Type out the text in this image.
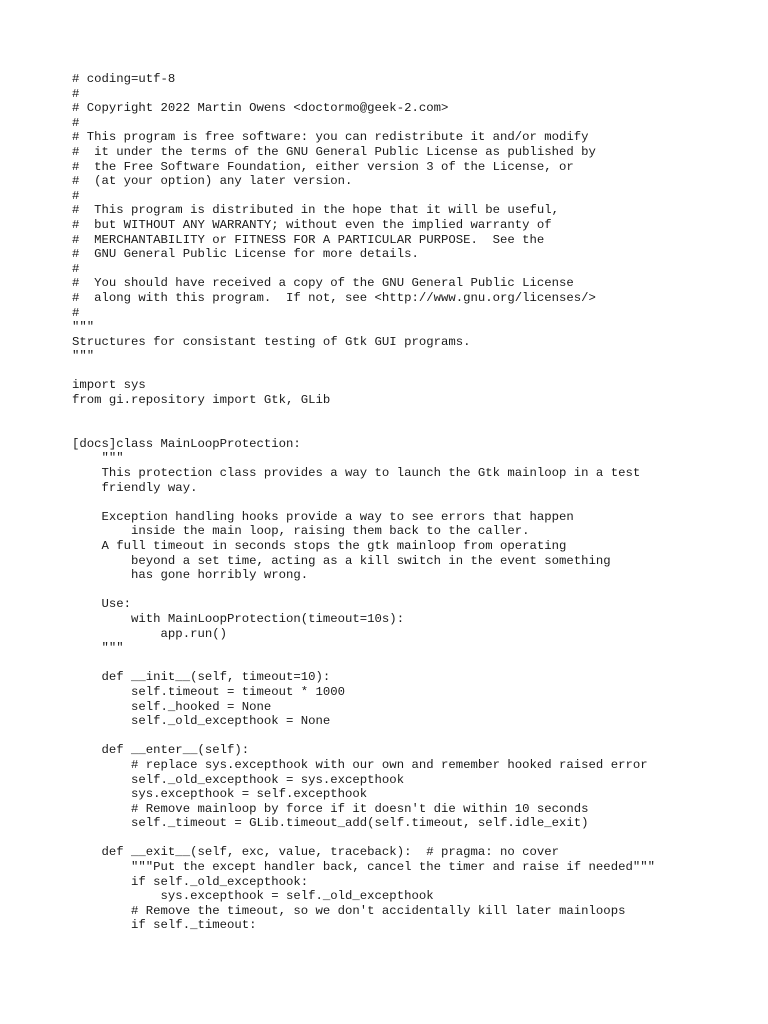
# coding=utf-8
#
# Copyright 2022 Martin Owens <doctormo@geek-2.com>
#
# This program is free software: you can redistribute it and/or modify
#  it under the terms of the GNU General Public License as published by
#  the Free Software Foundation, either version 3 of the License, or
#  (at your option) any later version.
#
#  This program is distributed in the hope that it will be useful,
#  but WITHOUT ANY WARRANTY; without even the implied warranty of
#  MERCHANTABILITY or FITNESS FOR A PARTICULAR PURPOSE.  See the
#  GNU General Public License for more details.
#
#  You should have received a copy of the GNU General Public License
#  along with this program.  If not, see <http://www.gnu.org/licenses/>
#
"""
Structures for consistant testing of Gtk GUI programs.
"""
import sys
from gi.repository import Gtk, GLib
[docs]class MainLoopProtection:
"""
This protection class provides a way to launch the Gtk mainloop in a test
friendly way.
Exception handling hooks provide a way to see errors that happen
inside the main loop, raising them back to the caller.
A full timeout in seconds stops the gtk mainloop from operating
beyond a set time, acting as a kill switch in the event something
has gone horribly wrong.
Use:
with MainLoopProtection(timeout=10s):
app.run()
"""
def __init__(self, timeout=10):
self.timeout = timeout * 1000
self._hooked = None
self._old_excepthook = None
def __enter__(self):
# replace sys.excepthook with our own and remember hooked raised error
self._old_excepthook = sys.excepthook
sys.excepthook = self.excepthook
# Remove mainloop by force if it doesn't die within 10 seconds
self._timeout = GLib.timeout_add(self.timeout, self.idle_exit)
def __exit__(self, exc, value, traceback):  # pragma: no cover
"""Put the except handler back, cancel the timer and raise if needed"""
if self._old_excepthook:
sys.excepthook = self._old_excepthook
# Remove the timeout, so we don't accidentally kill later mainloops
if self._timeout:
